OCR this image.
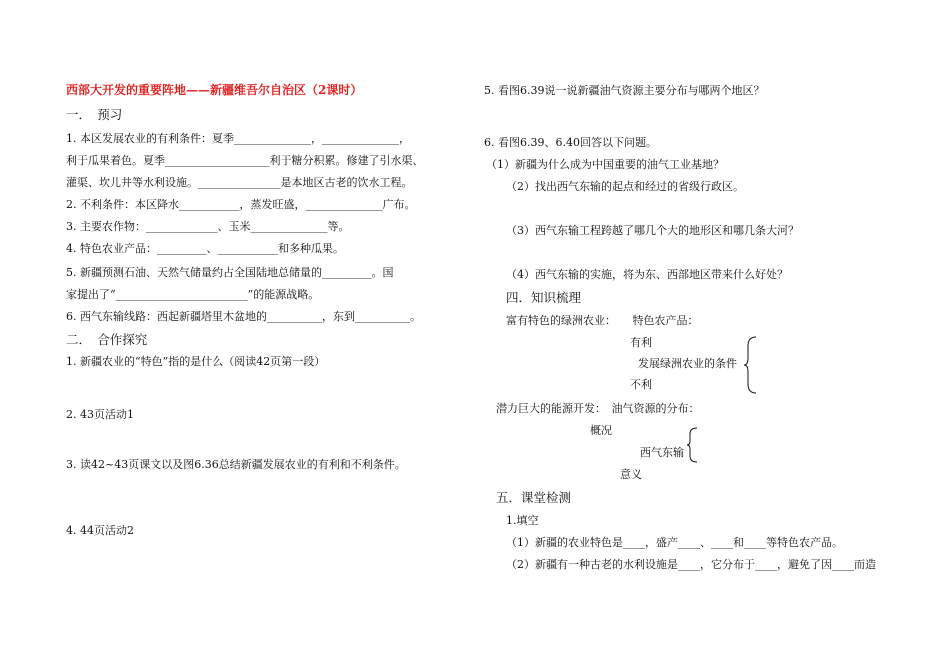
西部大开发的重要阵地——新疆维吾尔自治区（2课时）
一．　预习
1. 本区发展农业的有利条件：夏季______________，______________，
利于瓜果着色。夏季___________________利于糖分积累。修建了引水渠、
灌渠、坎儿井等水利设施。_______________是本地区古老的饮水工程。
2. 不利条件：本区降水___________，蒸发旺盛，______________广布。
3. 主要农作物：_____________、玉米______________等。
4. 特色农业产品：_________、___________和多种瓜果。
5. 新疆预测石油、天然气储量约占全国陆地总储量的_________。国
家提出了“________________________”的能源战略。
6. 西气东输线路：西起新疆塔里木盆地的__________，东到__________。
二．　合作探究
1. 新疆农业的“特色”指的是什么（阅读42页第一段）
2. 43页活动1
3. 读42~43页课文以及图6.36总结新疆发展农业的有利和不利条件。
4. 44页活动2
5. 看图6.39说一说新疆油气资源主要分布与哪两个地区？
6. 看图6.39、6.40回答以下问题。
（1）新疆为什么成为中国重要的油气工业基地？
（2）找出西气东输的起点和经过的省级行政区。
（3）西气东输工程跨越了哪几个大的地形区和哪几条大河？
（4）西气东输的实施，将为东、西部地区带来什么好处？
四．知识梳理
富有特色的绿洲农业：　　特色农产品：
有利
发展绿洲农业的条件
不利
潜力巨大的能源开发：　油气资源的分布：
概况
西气东输
意义
五．课堂检测
1.填空
（1）新疆的农业特色是____，盛产____、____和____等特色农产品。
（2）新疆有一种古老的水利设施是____，它分布于____，避免了因____而造
